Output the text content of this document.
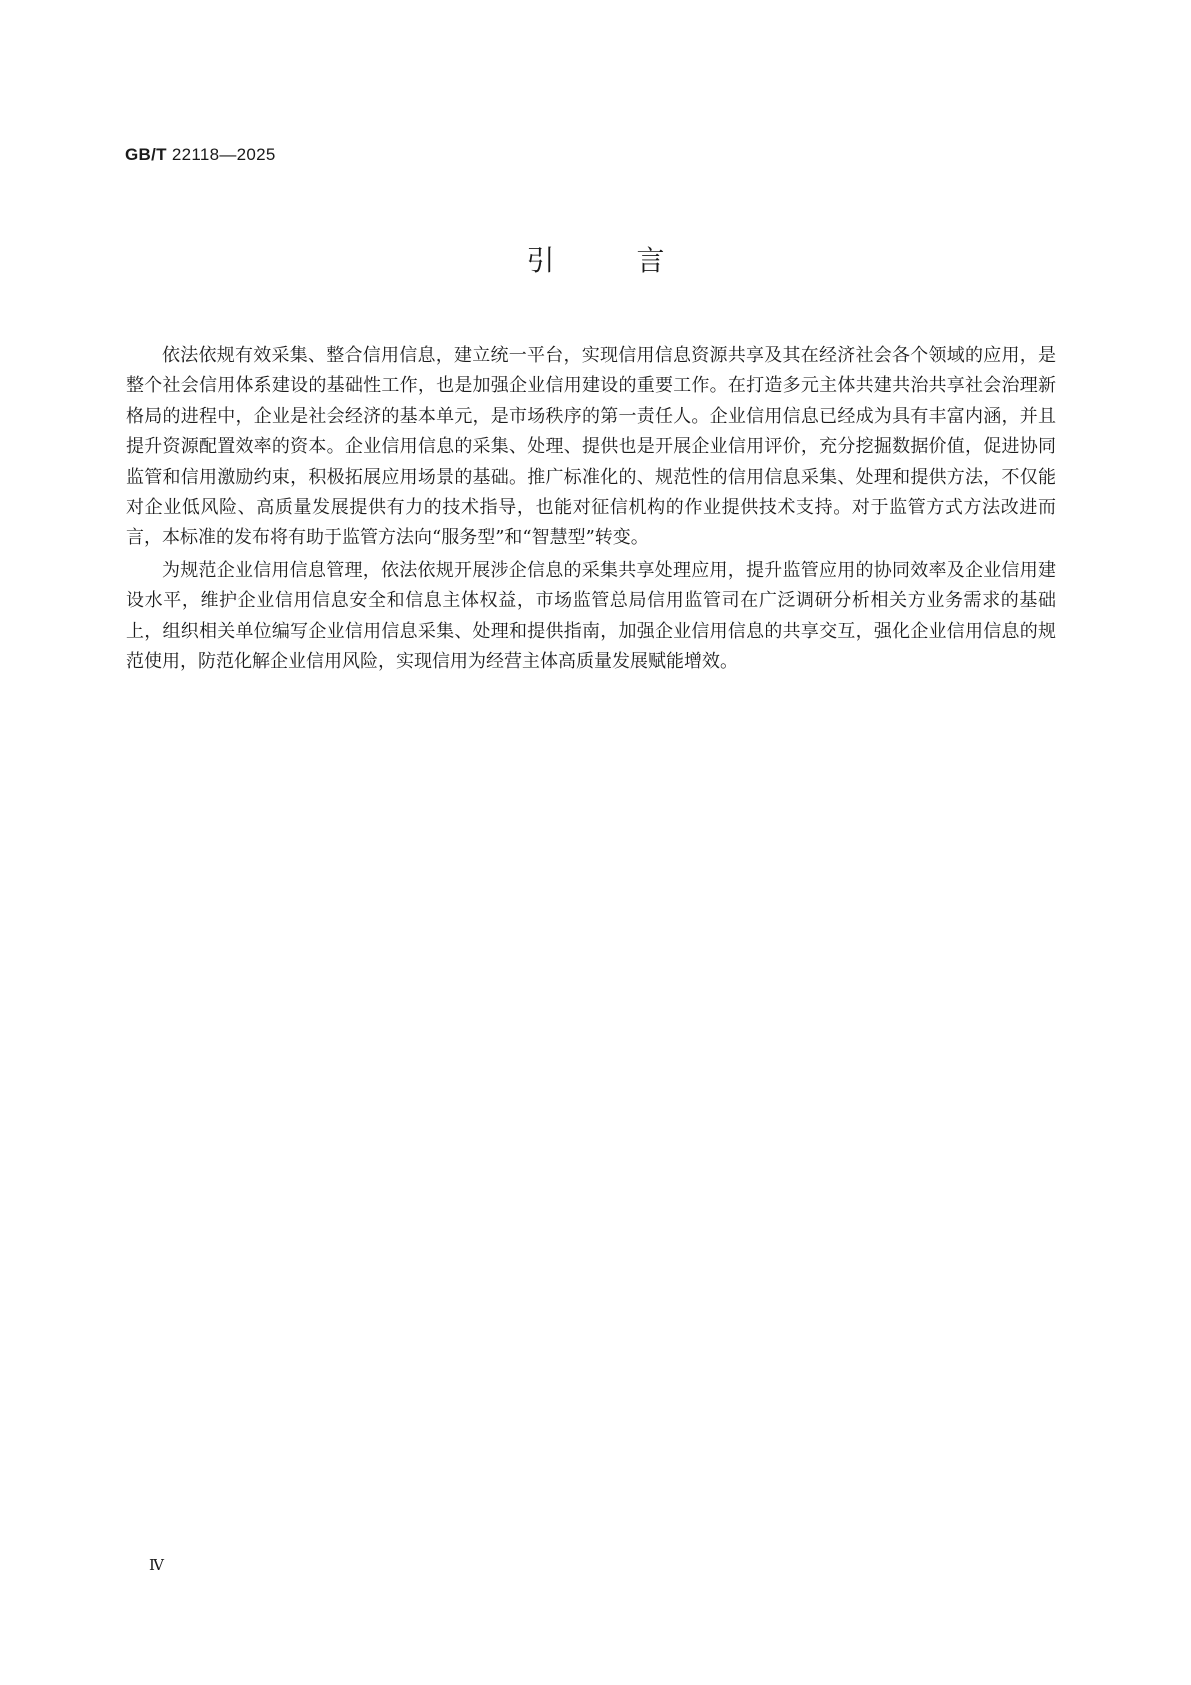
GB/T 22118—2025
引	言

依法依规有效采集、整合信用信息，建立统一平台，实现信用信息资源共享及其在经济社会各个领域的应用，是整个社会信用体系建设的基础性工作，也是加强企业信用建设的重要工作。在打造多元主体共建共治共享社会治理新格局的进程中，企业是社会经济的基本单元，是市场秩序的第一责任人。企业信用信息已经成为具有丰富内涵，并且提升资源配置效率的资本。企业信用信息的采集、处理、提供也是开展企业信用评价，充分挖掘数据价值，促进协同监管和信用激励约束，积极拓展应用场景的基础。推广标准化的、规范性的信用信息采集、处理和提供方法，不仅能对企业低风险、高质量发展提供有力的技术指导，也能对征信机构的作业提供技术支持。对于监管方式方法改进而言，本标准的发布将有助于监管方法向“服务型”和“智慧型”转变。

为规范企业信用信息管理，依法依规开展涉企信息的采集共享处理应用，提升监管应用的协同效率及企业信用建设水平，维护企业信用信息安全和信息主体权益，市场监管总局信用监管司在广泛调研分析相关方业务需求的基础上，组织相关单位编写企业信用信息采集、处理和提供指南，加强企业信用信息的共享交互，强化企业信用信息的规范使用，防范化解企业信用风险，实现信用为经营主体高质量发展赋能增效。

Ⅳ
